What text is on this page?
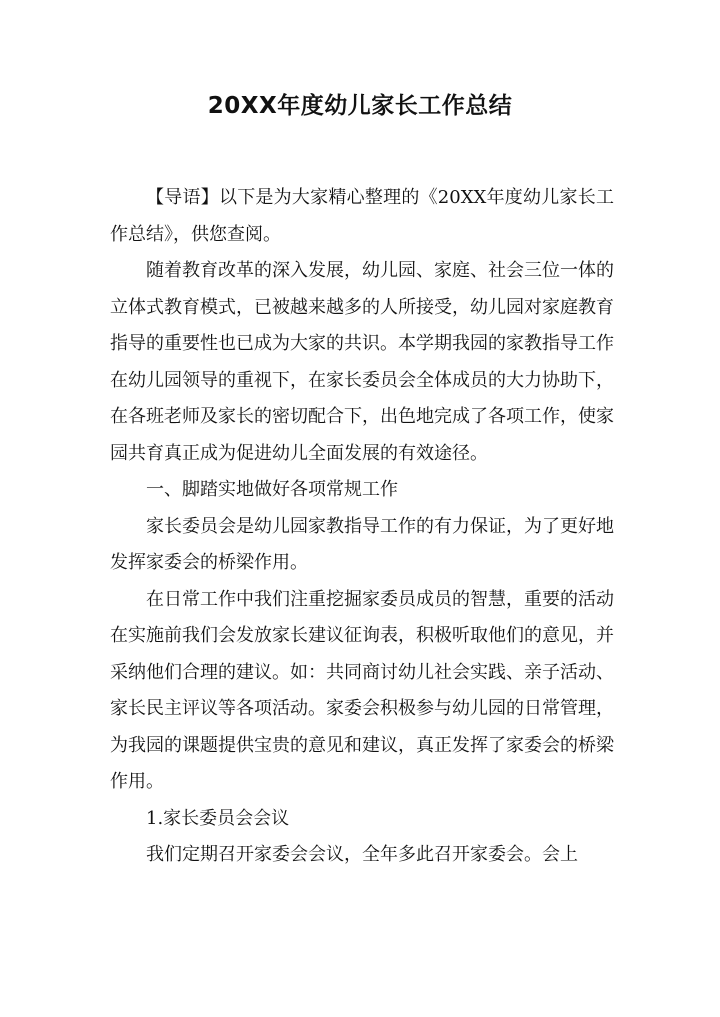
20XX年度幼儿家长工作总结

【导语】以下是为大家精心整理的《20XX年度幼儿家长工作总结》，供您查阅。

随着教育改革的深入发展，幼儿园、家庭、社会三位一体的立体式教育模式，已被越来越多的人所接受，幼儿园对家庭教育指导的重要性也已成为大家的共识。本学期我园的家教指导工作在幼儿园领导的重视下，在家长委员会全体成员的大力协助下，在各班老师及家长的密切配合下，出色地完成了各项工作，使家园共育真正成为促进幼儿全面发展的有效途径。

一、脚踏实地做好各项常规工作

家长委员会是幼儿园家教指导工作的有力保证，为了更好地发挥家委会的桥梁作用。

在日常工作中我们注重挖掘家委员成员的智慧，重要的活动在实施前我们会发放家长建议征询表，积极听取他们的意见，并采纳他们合理的建议。如：共同商讨幼儿社会实践、亲子活动、家长民主评议等各项活动。家委会积极参与幼儿园的日常管理，为我园的课题提供宝贵的意见和建议，真正发挥了家委会的桥梁作用。

1.家长委员会会议

我们定期召开家委会会议，全年多此召开家委会。会上
